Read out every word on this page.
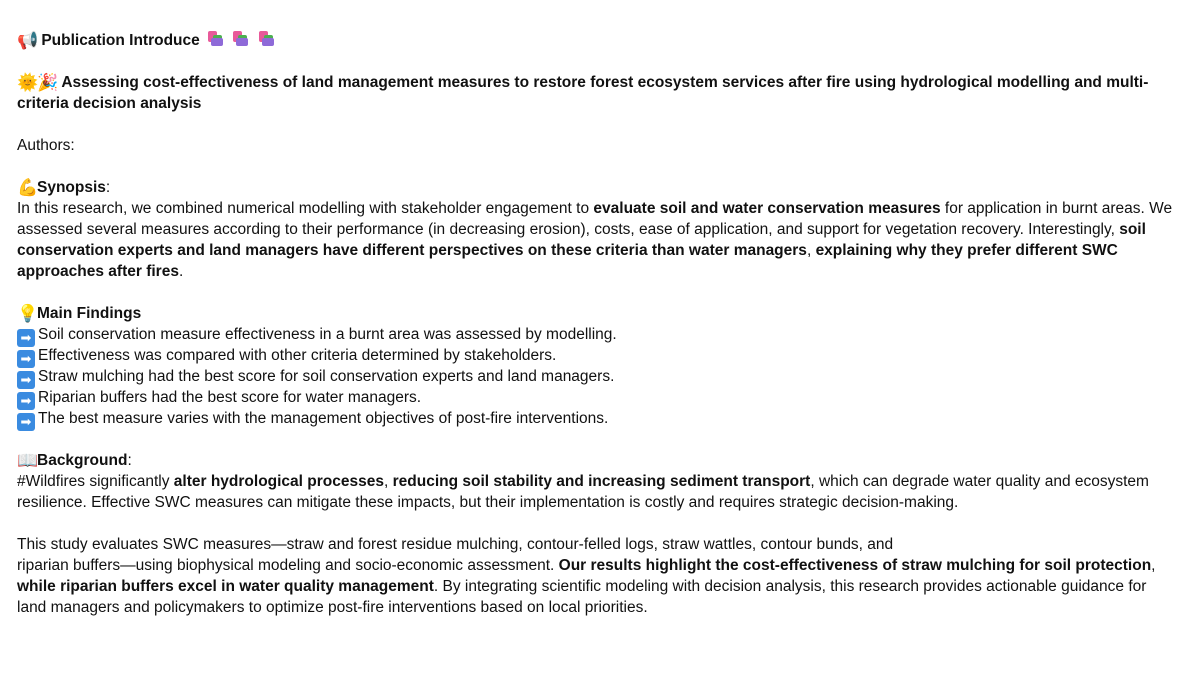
📢 Publication Introduce

🌞🎉 Assessing cost-effectiveness of land management measures to restore forest ecosystem services after fire using hydrological modelling and multi-criteria decision analysis
Authors:
💪Synopsis:
In this research, we combined numerical modelling with stakeholder engagement to evaluate soil and water conservation measures for application in burnt areas. We assessed several measures according to their performance (in decreasing erosion), costs, ease of application, and support for vegetation recovery. Interestingly, soil conservation experts and land managers have different perspectives on these criteria than water managers, explaining why they prefer different SWC approaches after fires.
💡Main Findings
➡ Soil conservation measure effectiveness in a burnt area was assessed by modelling.
➡ Effectiveness was compared with other criteria determined by stakeholders.
➡ Straw mulching had the best score for soil conservation experts and land managers.
➡ Riparian buffers had the best score for water managers.
➡ The best measure varies with the management objectives of post-fire interventions.
📖Background:
#Wildfires significantly alter hydrological processes, reducing soil stability and increasing sediment transport, which can degrade water quality and ecosystem resilience. Effective SWC measures can mitigate these impacts, but their implementation is costly and requires strategic decision-making.
This study evaluates SWC measures—straw and forest residue mulching, contour-felled logs, straw wattles, contour bunds, and
riparian buffers—using biophysical modeling and socio-economic assessment. Our results highlight the cost-effectiveness of straw mulching for soil protection, while riparian buffers excel in water quality management. By integrating scientific modeling with decision analysis, this research provides actionable guidance for land managers and policymakers to optimize post-fire interventions based on local priorities.
